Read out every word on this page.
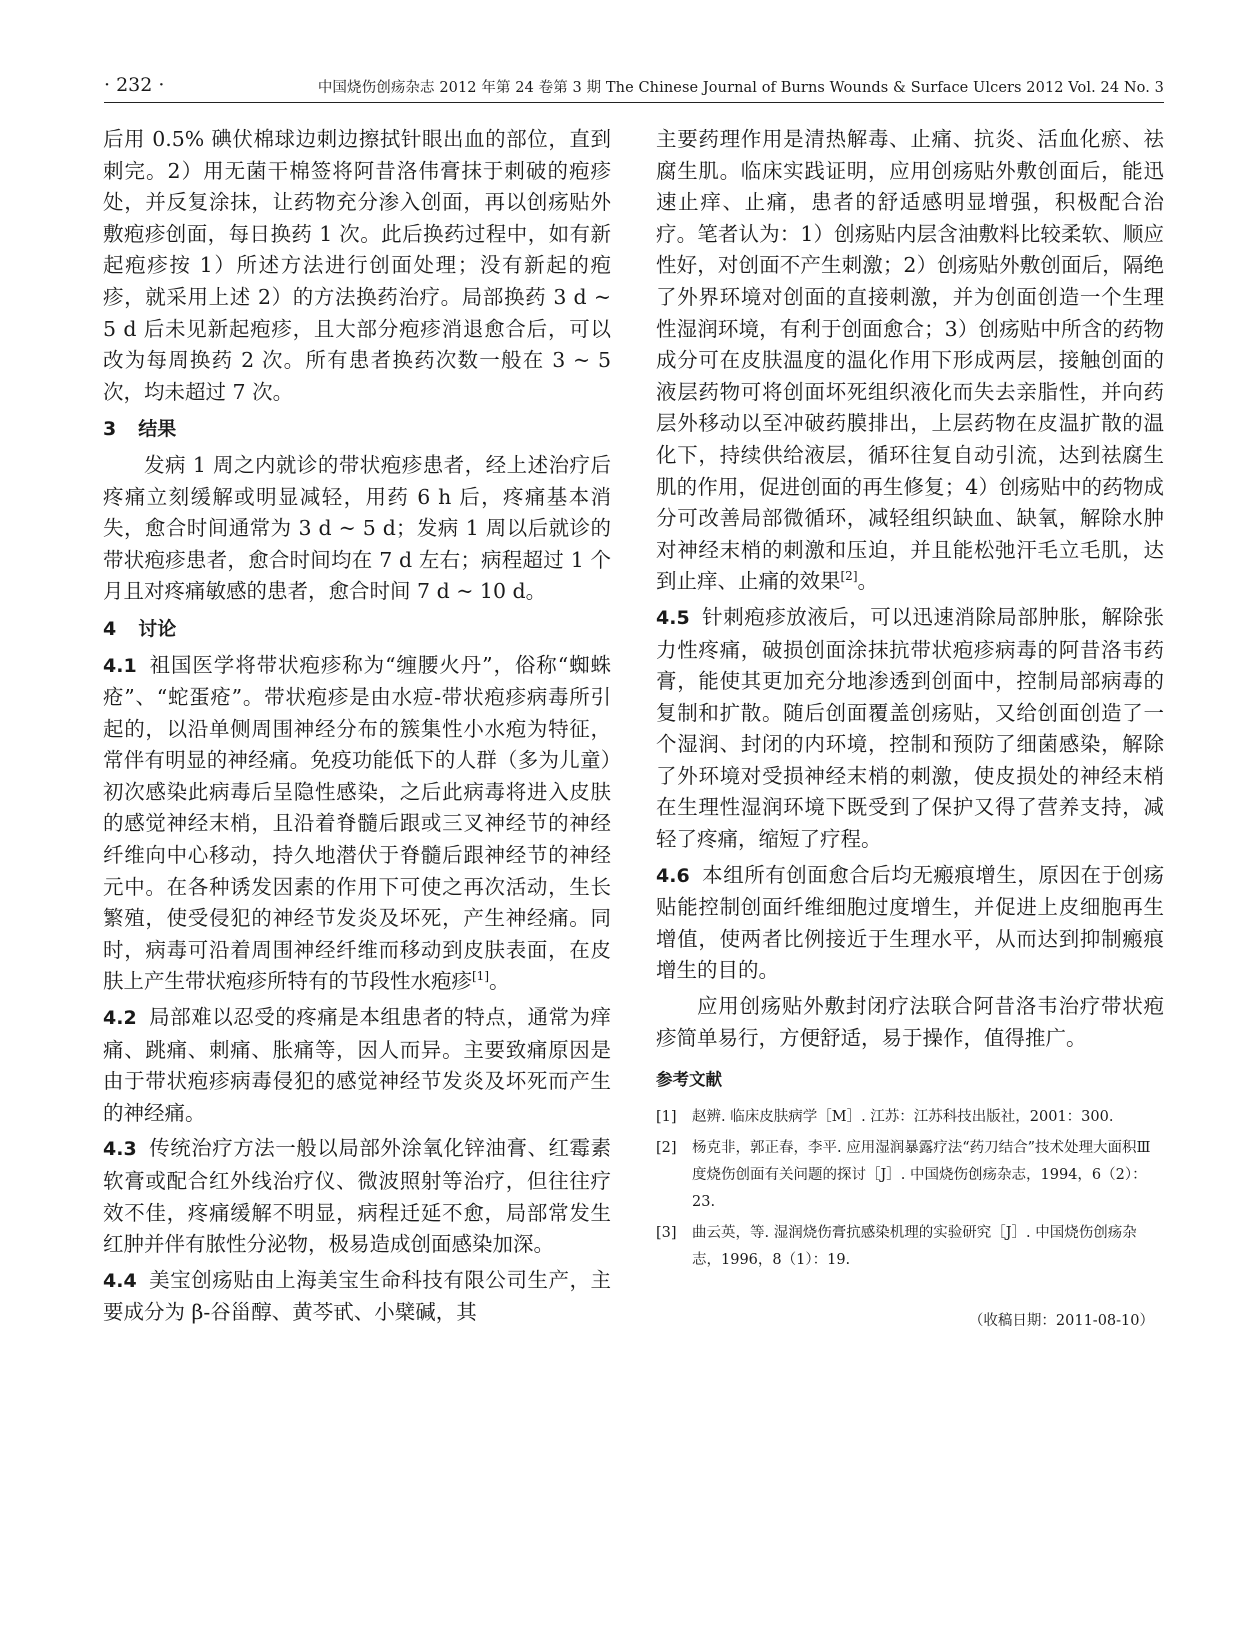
· 232 ·	中国烧伤创疡杂志 2012 年第 24 卷第 3 期 The Chinese Journal of Burns Wounds & Surface Ulcers 2012 Vol. 24 No. 3

后用 0.5% 碘伏棉球边刺边擦拭针眼出血的部位，直到刺完。2）用无菌干棉签将阿昔洛伟膏抹于刺破的疱疹处，并反复涂抹，让药物充分渗入创面，再以创疡贴外敷疱疹创面，每日换药 1 次。此后换药过程中，如有新起疱疹按 1）所述方法进行创面处理；没有新起的疱疹，就采用上述 2）的方法换药治疗。局部换药 3 d ~ 5 d 后未见新起疱疹，且大部分疱疹消退愈合后，可以改为每周换药 2 次。所有患者换药次数一般在 3 ~ 5 次，均未超过 7 次。

3 结果

发病 1 周之内就诊的带状疱疹患者，经上述治疗后疼痛立刻缓解或明显减轻，用药 6 h 后，疼痛基本消失，愈合时间通常为 3 d ~ 5 d；发病 1 周以后就诊的带状疱疹患者，愈合时间均在 7 d 左右；病程超过 1 个月且对疼痛敏感的患者，愈合时间 7 d ~ 10 d。

4 讨论

4.1 祖国医学将带状疱疹称为“缠腰火丹”，俗称“蜘蛛疮”、“蛇蛋疮”。带状疱疹是由水痘-带状疱疹病毒所引起的，以沿单侧周围神经分布的簇集性小水疱为特征，常伴有明显的神经痛。免疫功能低下的人群（多为儿童）初次感染此病毒后呈隐性感染，之后此病毒将进入皮肤的感觉神经末梢，且沿着脊髓后跟或三叉神经节的神经纤维向中心移动，持久地潜伏于脊髓后跟神经节的神经元中。在各种诱发因素的作用下可使之再次活动，生长繁殖，使受侵犯的神经节发炎及坏死，产生神经痛。同时，病毒可沿着周围神经纤维而移动到皮肤表面，在皮肤上产生带状疱疹所特有的节段性水疱疹[1]。

4.2 局部难以忍受的疼痛是本组患者的特点，通常为痒痛、跳痛、刺痛、胀痛等，因人而异。主要致痛原因是由于带状疱疹病毒侵犯的感觉神经节发炎及坏死而产生的神经痛。

4.3 传统治疗方法一般以局部外涂氧化锌油膏、红霉素软膏或配合红外线治疗仪、微波照射等治疗，但往往疗效不佳，疼痛缓解不明显，病程迁延不愈，局部常发生红肿并伴有脓性分泌物，极易造成创面感染加深。

4.4 美宝创疡贴由上海美宝生命科技有限公司生产，主要成分为 β-谷甾醇、黄芩甙、小檗碱，其

主要药理作用是清热解毒、止痛、抗炎、活血化瘀、祛腐生肌。临床实践证明，应用创疡贴外敷创面后，能迅速止痒、止痛，患者的舒适感明显增强，积极配合治疗。笔者认为：1）创疡贴内层含油敷料比较柔软、顺应性好，对创面不产生刺激；2）创疡贴外敷创面后，隔绝了外界环境对创面的直接刺激，并为创面创造一个生理性湿润环境，有利于创面愈合；3）创疡贴中所含的药物成分可在皮肤温度的温化作用下形成两层，接触创面的液层药物可将创面坏死组织液化而失去亲脂性，并向药层外移动以至冲破药膜排出，上层药物在皮温扩散的温化下，持续供给液层，循环往复自动引流，达到祛腐生肌的作用，促进创面的再生修复；4）创疡贴中的药物成分可改善局部微循环，减轻组织缺血、缺氧，解除水肿对神经末梢的刺激和压迫，并且能松弛汗毛立毛肌，达到止痒、止痛的效果[2]。

4.5 针刺疱疹放液后，可以迅速消除局部肿胀，解除张力性疼痛，破损创面涂抹抗带状疱疹病毒的阿昔洛韦药膏，能使其更加充分地渗透到创面中，控制局部病毒的复制和扩散。随后创面覆盖创疡贴，又给创面创造了一个湿润、封闭的内环境，控制和预防了细菌感染，解除了外环境对受损神经末梢的刺激，使皮损处的神经末梢在生理性湿润环境下既受到了保护又得了营养支持，减轻了疼痛，缩短了疗程。

4.6 本组所有创面愈合后均无瘢痕增生，原因在于创疡贴能控制创面纤维细胞过度增生，并促进上皮细胞再生增值，使两者比例接近于生理水平，从而达到抑制瘢痕增生的目的。

应用创疡贴外敷封闭疗法联合阿昔洛韦治疗带状疱疹简单易行，方便舒适，易于操作，值得推广。

参考文献

[1]	赵辨. 临床皮肤病学［M］. 江苏：江苏科技出版社，2001：300.
[2]	杨克非，郭正春，李平. 应用湿润暴露疗法“药刀结合”技术处理大面积Ⅲ度烧伤创面有关问题的探讨［J］. 中国烧伤创疡杂志，1994，6（2）：23.
[3]	曲云英，等. 湿润烧伤膏抗感染机理的实验研究［J］. 中国烧伤创疡杂志，1996，8（1）：19.

（收稿日期：2011-08-10）
